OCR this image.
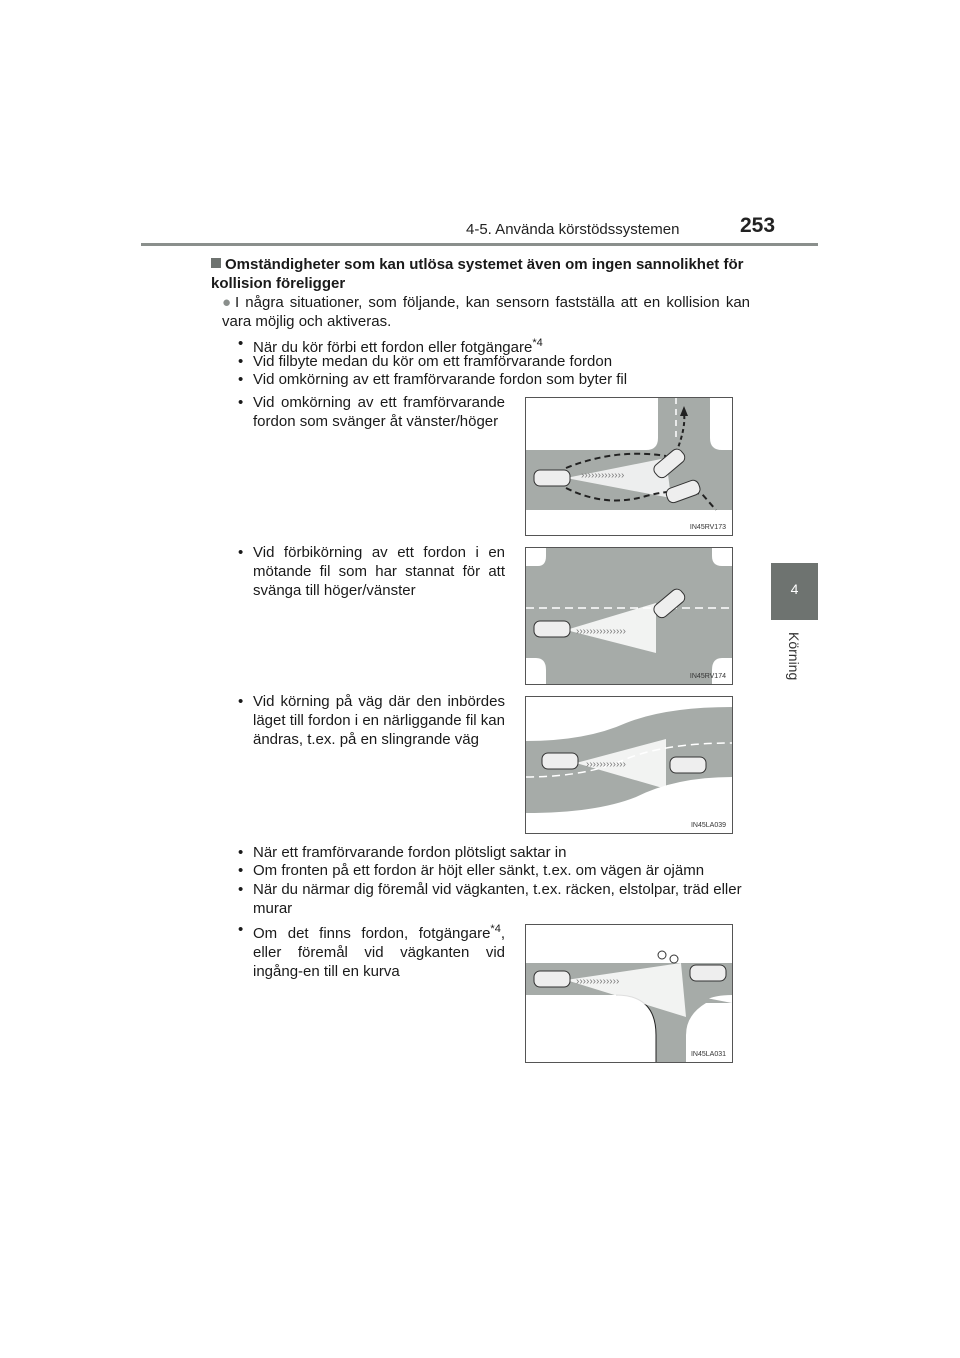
4-5. Använda körstödssystemen	253
4
Körning
Omständigheter som kan utlösa systemet även om ingen sannolikhet för kollision föreligger
● I några situationer, som följande, kan sensorn fastställa att en kollision kan vara möjlig och aktiveras.
• När du kör förbi ett fordon eller fotgängare$^{*4}$
• Vid filbyte medan du kör om ett framförvarande fordon
• Vid omkörning av ett framförvarande fordon som byter fil
• Vid omkörning av ett framförvarande fordon som svänger åt vänster/höger
›››››››››››››
IN45RV173
• Vid förbikörning av ett fordon i en mötande fil som har stannat för att svänga till höger/vänster
›››››››››››››››
IN45RV174
• Vid körning på väg där den inbördes läget till fordon i en närliggande fil kan ändras, t.ex. på en slingrande väg
››››››››››››
IN45LA039
• När ett framförvarande fordon plötsligt saktar in
• Om fronten på ett fordon är höjt eller sänkt, t.ex. om vägen är ojämn
• När du närmar dig föremål vid vägkanten, t.ex. räcken, elstolpar, träd eller murar
• Om det finns fordon, fotgängare$^{*4}$, eller föremål vid vägkanten vid ingång-en till en kurva
›››››››››››››
IN45LA031
